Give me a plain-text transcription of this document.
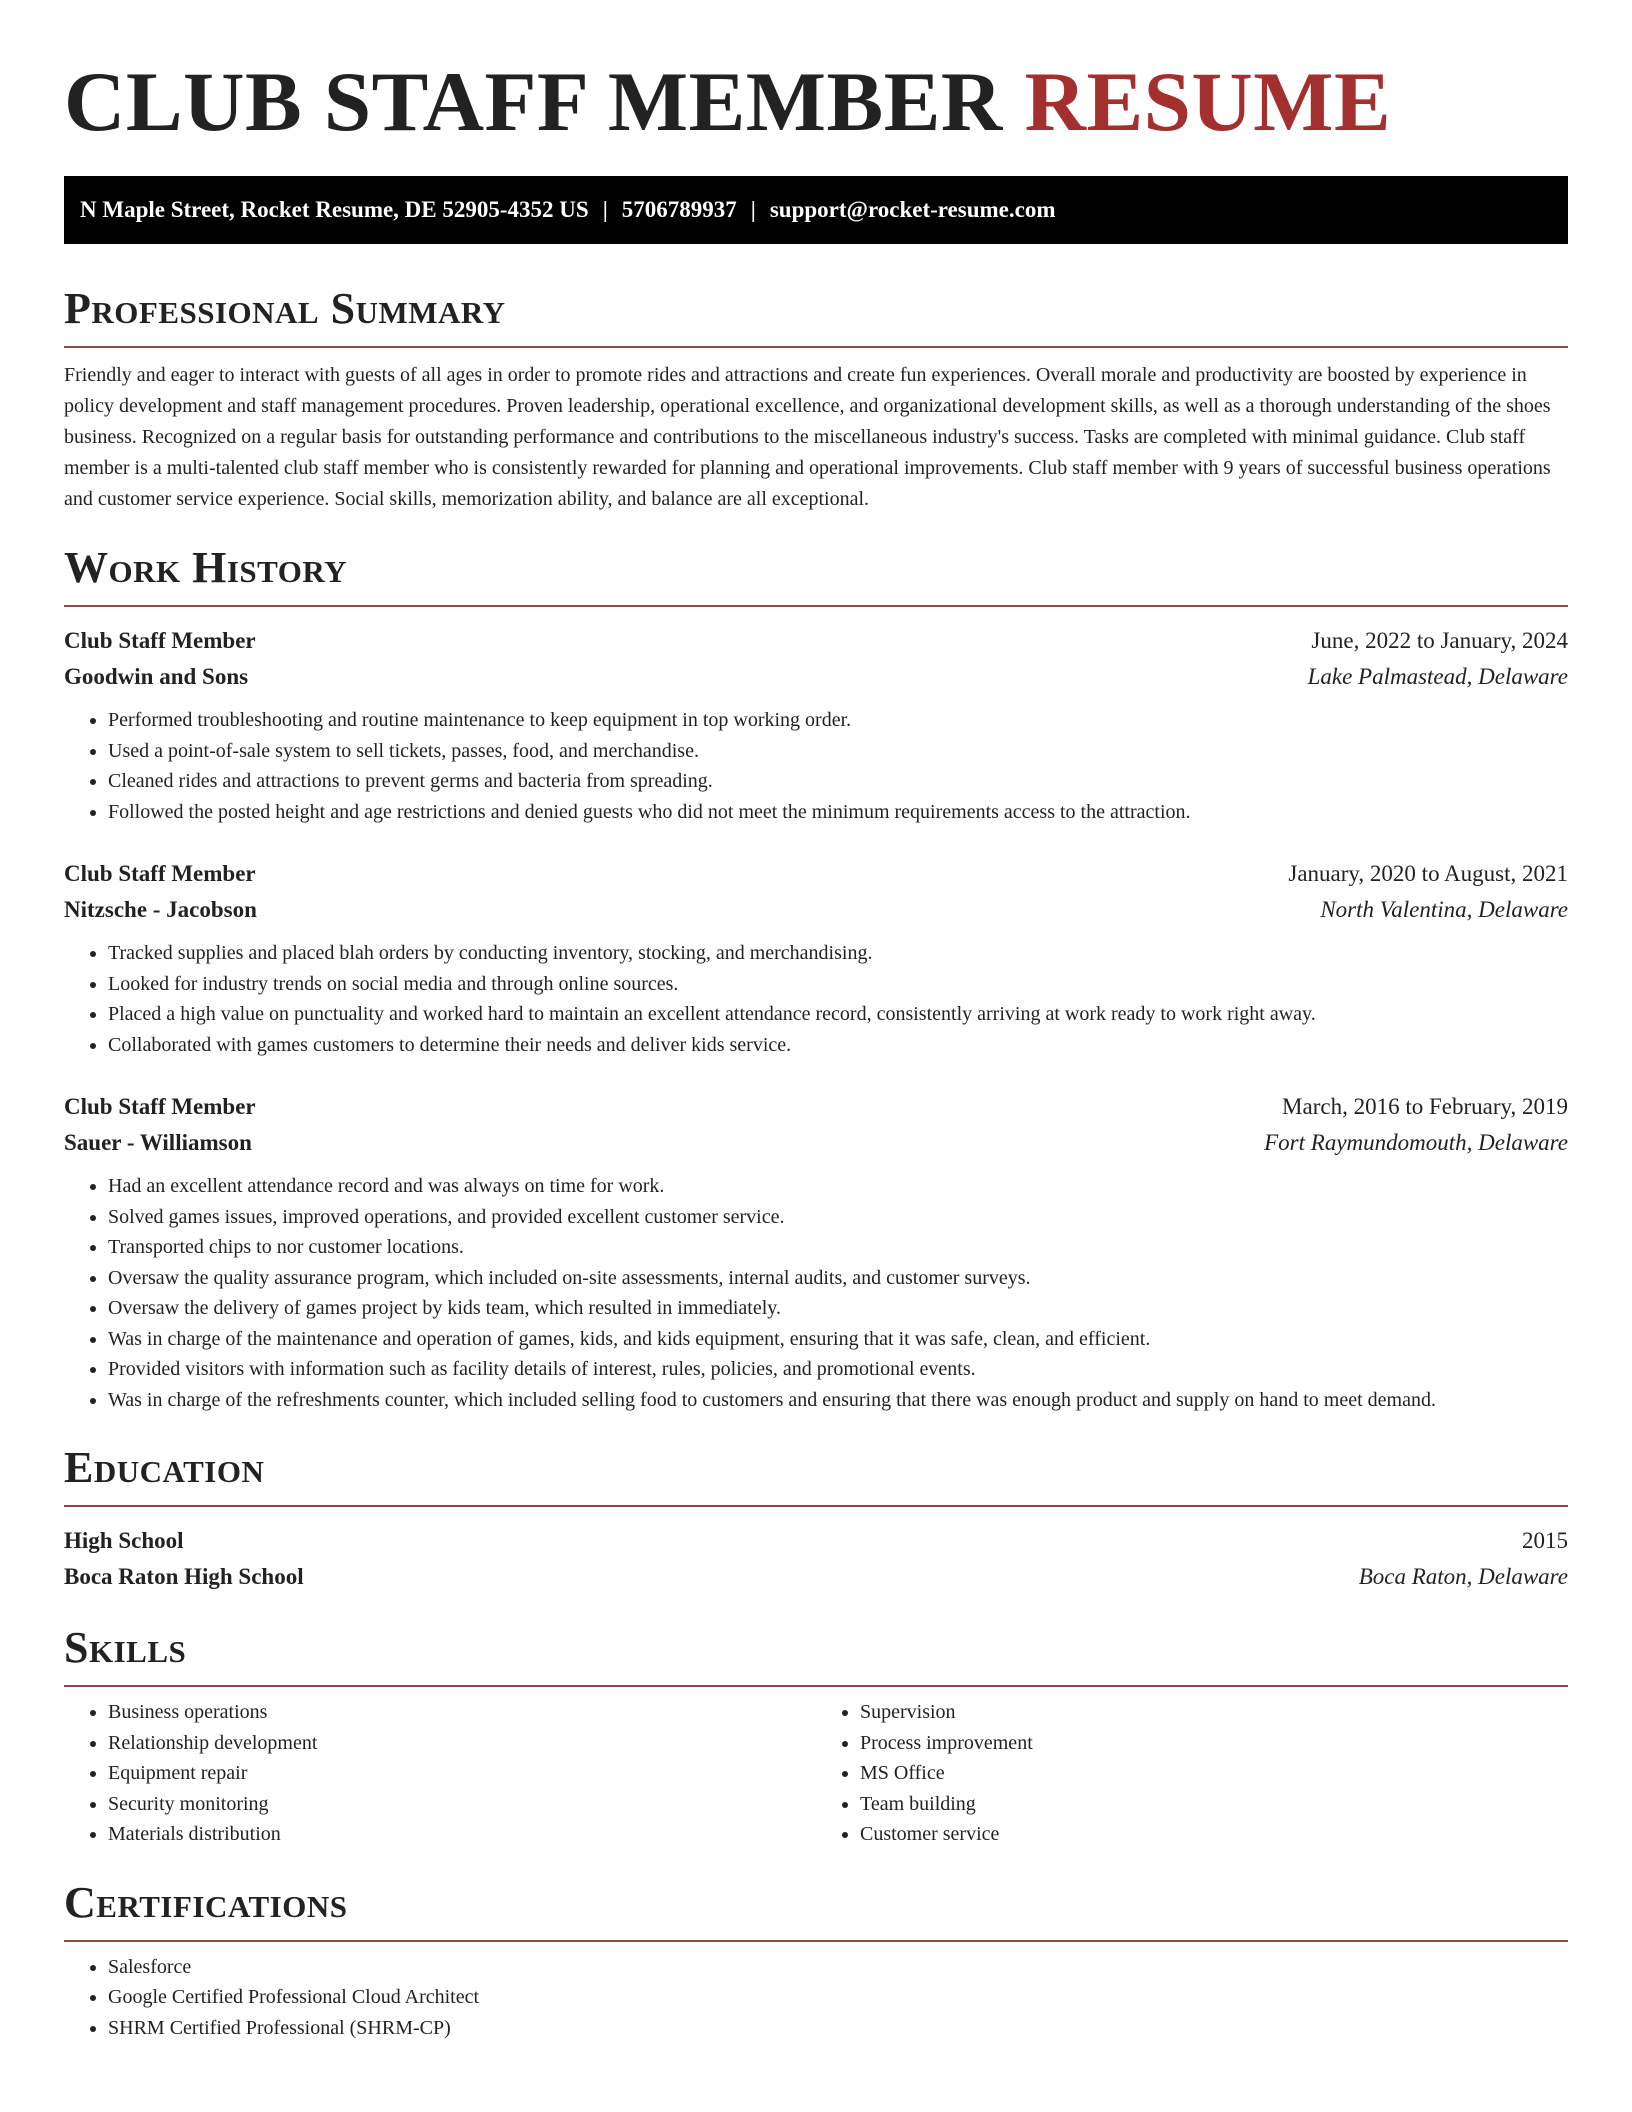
CLUB STAFF MEMBER RESUME
N Maple Street, Rocket Resume, DE 52905-4352 US | 5706789937 | support@rocket-resume.com
Professional Summary

Friendly and eager to interact with guests of all ages in order to promote rides and attractions and create fun experiences. Overall morale and productivity are boosted by experience in policy development and staff management procedures. Proven leadership, operational excellence, and organizational development skills, as well as a thorough understanding of the shoes business. Recognized on a regular basis for outstanding performance and contributions to the miscellaneous industry's success. Tasks are completed with minimal guidance. Club staff member is a multi-talented club staff member who is consistently rewarded for planning and operational improvements. Club staff member with 9 years of successful business operations and customer service experience. Social skills, memorization ability, and balance are all exceptional.

Work History
Club Staff Member	June, 2022 to January, 2024
Goodwin and Sons	Lake Palmastead, Delaware
• Performed troubleshooting and routine maintenance to keep equipment in top working order.
• Used a point-of-sale system to sell tickets, passes, food, and merchandise.
• Cleaned rides and attractions to prevent germs and bacteria from spreading.
• Followed the posted height and age restrictions and denied guests who did not meet the minimum requirements access to the attraction.
Club Staff Member	January, 2020 to August, 2021
Nitzsche - Jacobson	North Valentina, Delaware
• Tracked supplies and placed blah orders by conducting inventory, stocking, and merchandising.
• Looked for industry trends on social media and through online sources.
• Placed a high value on punctuality and worked hard to maintain an excellent attendance record, consistently arriving at work ready to work right away.
• Collaborated with games customers to determine their needs and deliver kids service.
Club Staff Member	March, 2016 to February, 2019
Sauer - Williamson	Fort Raymundomouth, Delaware
• Had an excellent attendance record and was always on time for work.
• Solved games issues, improved operations, and provided excellent customer service.
• Transported chips to nor customer locations.
• Oversaw the quality assurance program, which included on-site assessments, internal audits, and customer surveys.
• Oversaw the delivery of games project by kids team, which resulted in immediately.
• Was in charge of the maintenance and operation of games, kids, and kids equipment, ensuring that it was safe, clean, and efficient.
• Provided visitors with information such as facility details of interest, rules, policies, and promotional events.
• Was in charge of the refreshments counter, which included selling food to customers and ensuring that there was enough product and supply on hand to meet demand.
Education
High School	2015
Boca Raton High School	Boca Raton, Delaware
Skills
• Business operations
• Relationship development
• Equipment repair
• Security monitoring
• Materials distribution
• Supervision
• Process improvement
• MS Office
• Team building
• Customer service
Certifications
• Salesforce
• Google Certified Professional Cloud Architect
• SHRM Certified Professional (SHRM-CP)
